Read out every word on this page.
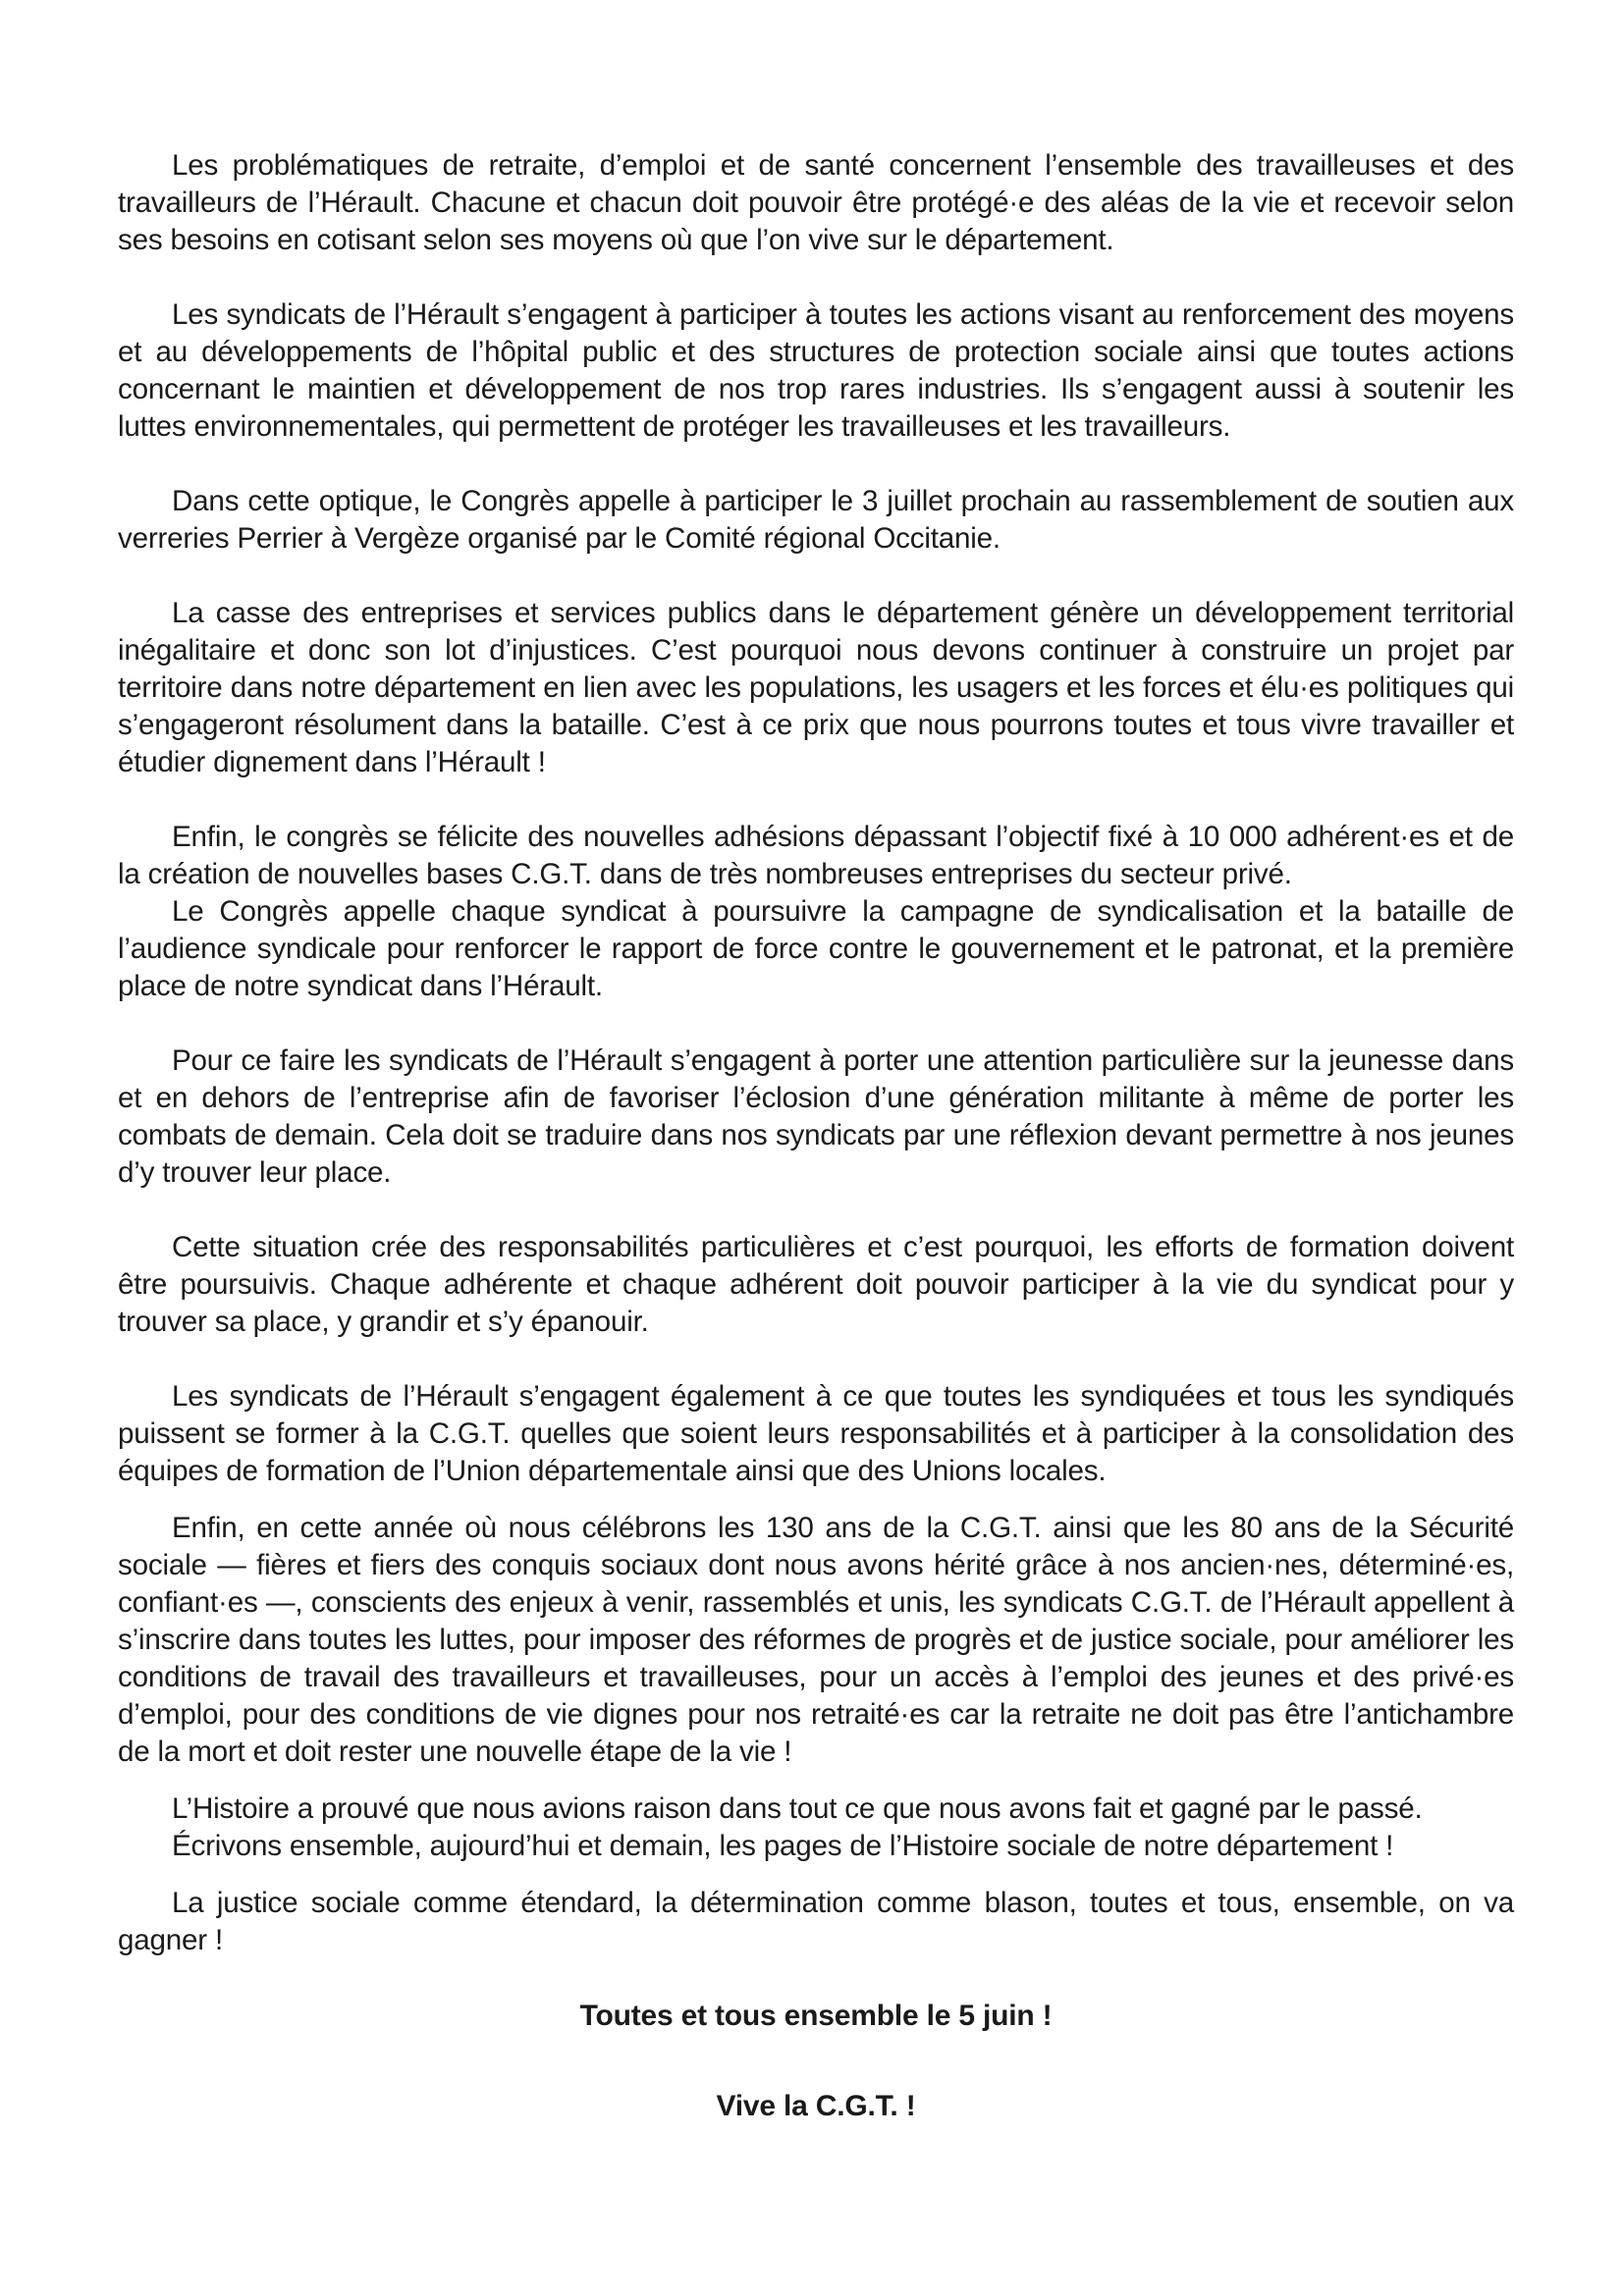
Les problématiques de retraite, d’emploi et de santé concernent l’ensemble des travailleuses et des travailleurs de l’Hérault. Chacune et chacun doit pouvoir être protégé·e des aléas de la vie et recevoir selon ses besoins en cotisant selon ses moyens où que l’on vive sur le département.

Les syndicats de l’Hérault s’engagent à participer à toutes les actions visant au renforcement des moyens et au développements de l’hôpital public et des structures de protection sociale ainsi que toutes actions concernant le maintien et développement de nos trop rares industries. Ils s’engagent aussi à soutenir les luttes environnementales, qui permettent de protéger les travailleuses et les travailleurs.

Dans cette optique, le Congrès appelle à participer le 3 juillet prochain au rassemblement de soutien aux verreries Perrier à Vergèze organisé par le Comité régional Occitanie.

La casse des entreprises et services publics dans le département génère un développement territorial inégalitaire et donc son lot d’injustices. C’est pourquoi nous devons continuer à construire un projet par territoire dans notre département en lien avec les populations, les usagers et les forces et élu·es politiques qui s’engageront résolument dans la bataille. C’est à ce prix que nous pourrons toutes et tous vivre travailler et étudier dignement dans l’Hérault !

Enfin, le congrès se félicite des nouvelles adhésions dépassant l’objectif fixé à 10 000 adhérent·es et de la création de nouvelles bases C.G.T. dans de très nombreuses entreprises du secteur privé.

Le Congrès appelle chaque syndicat à poursuivre la campagne de syndicalisation et la bataille de l’audience syndicale pour renforcer le rapport de force contre le gouvernement et le patronat, et la première place de notre syndicat dans l’Hérault.

Pour ce faire les syndicats de l’Hérault s’engagent à porter une attention particulière sur la jeunesse dans et en dehors de l’entreprise afin de favoriser l’éclosion d’une génération militante à même de porter les combats de demain. Cela doit se traduire dans nos syndicats par une réflexion devant permettre à nos jeunes d’y trouver leur place.

Cette situation crée des responsabilités particulières et c’est pourquoi, les efforts de formation doivent être poursuivis. Chaque adhérente et chaque adhérent doit pouvoir participer à la vie du syndicat pour y trouver sa place, y grandir et s’y épanouir.

Les syndicats de l’Hérault s’engagent également à ce que toutes les syndiquées et tous les syndiqués puissent se former à la C.G.T. quelles que soient leurs responsabilités et à participer à la consolidation des équipes de formation de l’Union départementale ainsi que des Unions locales.

Enfin, en cette année où nous célébrons les 130 ans de la C.G.T. ainsi que les 80 ans de la Sécurité sociale — fières et fiers des conquis sociaux dont nous avons hérité grâce à nos ancien·nes, déterminé·es, confiant·es —, conscients des enjeux à venir, rassemblés et unis, les syndicats C.G.T. de l’Hérault appellent à s’inscrire dans toutes les luttes, pour imposer des réformes de progrès et de justice sociale, pour améliorer les conditions de travail des travailleurs et travailleuses, pour un accès à l’emploi des jeunes et des privé·es d’emploi, pour des conditions de vie dignes pour nos retraité·es car la retraite ne doit pas être l’antichambre de la mort et doit rester une nouvelle étape de la vie !

L’Histoire a prouvé que nous avions raison dans tout ce que nous avons fait et gagné par le passé.

Écrivons ensemble, aujourd’hui et demain, les pages de l’Histoire sociale de notre département !

La justice sociale comme étendard, la détermination comme blason, toutes et tous, ensemble, on va gagner !

Toutes et tous ensemble le 5 juin !

Vive la C.G.T. !
